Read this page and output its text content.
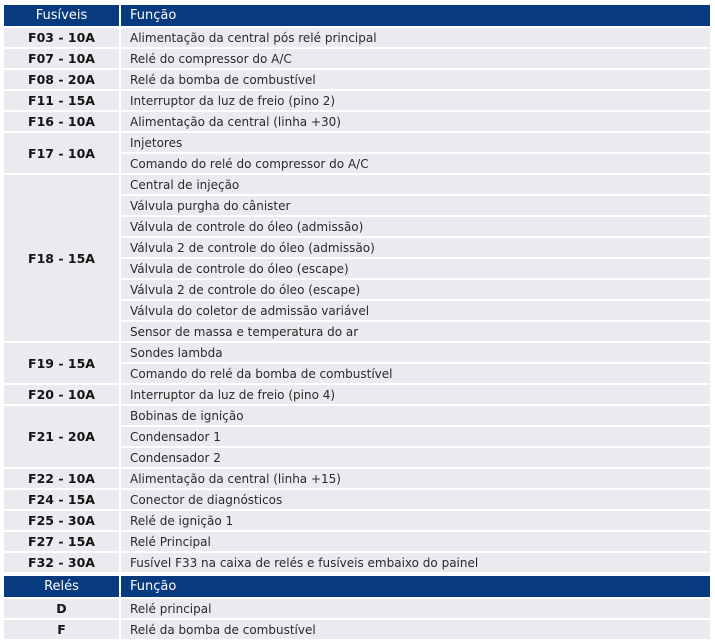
Fusíveis	Função
F03 - 10A	Alimentação da central pós relé principal
F07 - 10A	Relé do compressor do A/C
F08 - 20A	Relé da bomba de combustível
F11 - 15A	Interruptor da luz de freio (pino 2)
F16 - 10A	Alimentação da central (linha +30)
F17 - 10A	Injetores
	Comando do relé do compressor do A/C
F18 - 15A	Central de injeção
	Válvula purgha do cânister
	Válvula de controle do óleo (admissão)
	Válvula 2 de controle do óleo (admissão)
	Válvula de controle do óleo (escape)
	Válvula 2 de controle do óleo (escape)
	Válvula do coletor de admissão variável
	Sensor de massa e temperatura do ar
F19 - 15A	Sondes lambda
	Comando do relé da bomba de combustível
F20 - 10A	Interruptor da luz de freio (pino 4)
F21 - 20A	Bobinas de ignição
	Condensador 1
	Condensador 2
F22 - 10A	Alimentação da central (linha +15)
F24 - 15A	Conector de diagnósticos
F25 - 30A	Relé de ignição 1
F27 - 15A	Relé Principal
F32 - 30A	Fusível F33 na caixa de relés e fusíveis embaixo do painel
Relés	Função
D	Relé principal
F	Relé da bomba de combustível
